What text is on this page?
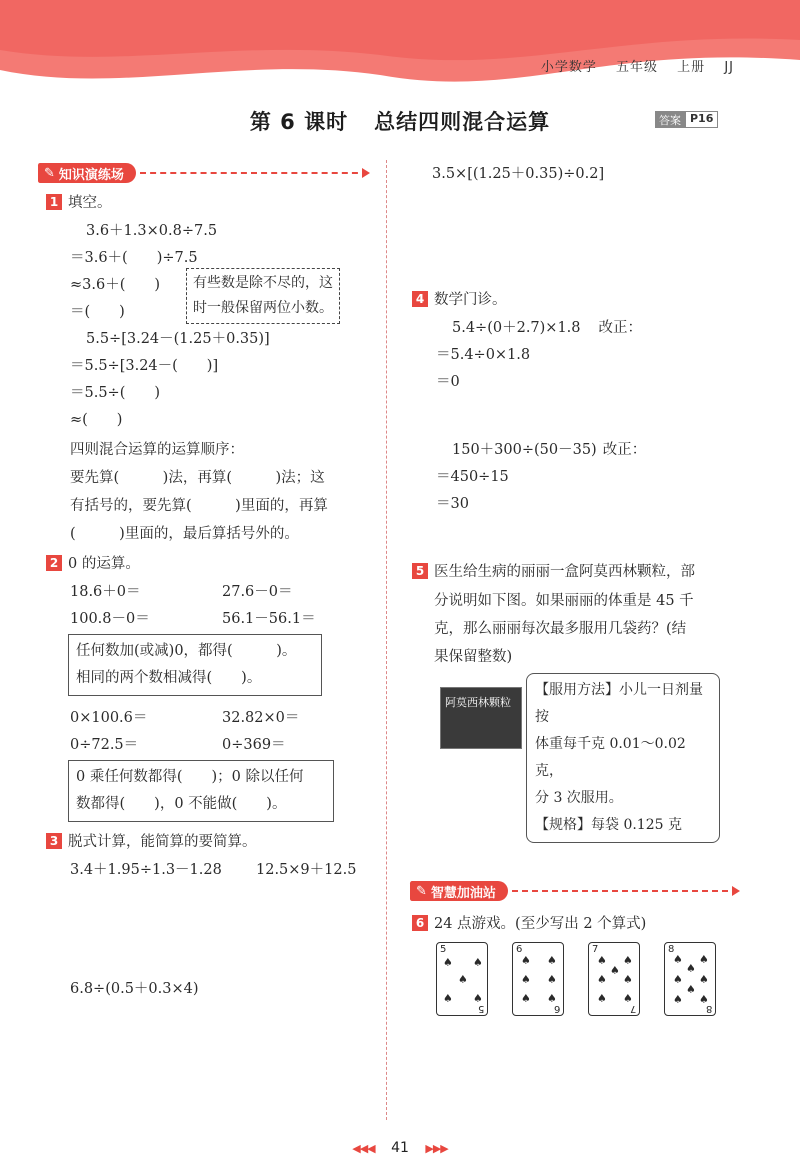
小学数学 五年级 上册 JJ
第 6 课时 总结四则混合运算	答案 P16
✎ 知识演练场
1 填空。
3.6＋1.3×0.8÷7.5
＝3.6＋(　　)÷7.5
≈3.6＋(　　)
＝(　　)
有些数是除不尽的，这
时一般保留两位小数。
5.5÷[3.24－(1.25＋0.35)]
＝5.5÷[3.24－(　　)]
＝5.5÷(　　)
≈(　　)
四则混合运算的运算顺序：
要先算(　　　)法，再算(　　　)法；这
有括号的，要先算(　　　)里面的，再算
(　　　)里面的，最后算括号外的。
2 0 的运算。
18.6＋0＝	27.6－0＝
100.8－0＝	56.1－56.1＝
任何数加(或减)0，都得(　　　)。
相同的两个数相减得(　　)。
0×100.6＝	32.82×0＝
0÷72.5＝	0÷369＝
0 乘任何数都得(　　)；0 除以任何
数都得(　　)，0 不能做(　　)。
3 脱式计算，能简算的要简算。
3.4＋1.95÷1.3－1.28 12.5×9＋12.5
6.8÷(0.5＋0.3×4)
3.5×[(1.25＋0.35)÷0.2]
4 数学门诊。
5.4÷(0＋2.7)×1.8 改正：
＝5.4÷0×1.8
＝0
150＋300÷(50－35) 改正：
＝450÷15
＝30
5 医生给生病的丽丽一盒阿莫西林颗粒，部
分说明如下图。如果丽丽的体重是 45 千
克，那么丽丽每次最多服用几袋药？(结
果保留整数)
阿莫西林颗粒
【服用方法】小儿一日剂量按
体重每千克 0.01～0.02 克，
分 3 次服用。
【规格】每袋 0.125 克
✎ 智慧加油站
6 24 点游戏。(至少写出 2 个算式)
5
♠ ♠
♠
♠ ♠
5
6
♠ ♠
♠ ♠
♠ ♠
6
7
♠ ♠
♠
♠ ♠
♠ ♠
7
8
♠ ♠
♠
♠ ♠
♠
♠ ♠
8
◀◀◀ 41 ▶▶▶
